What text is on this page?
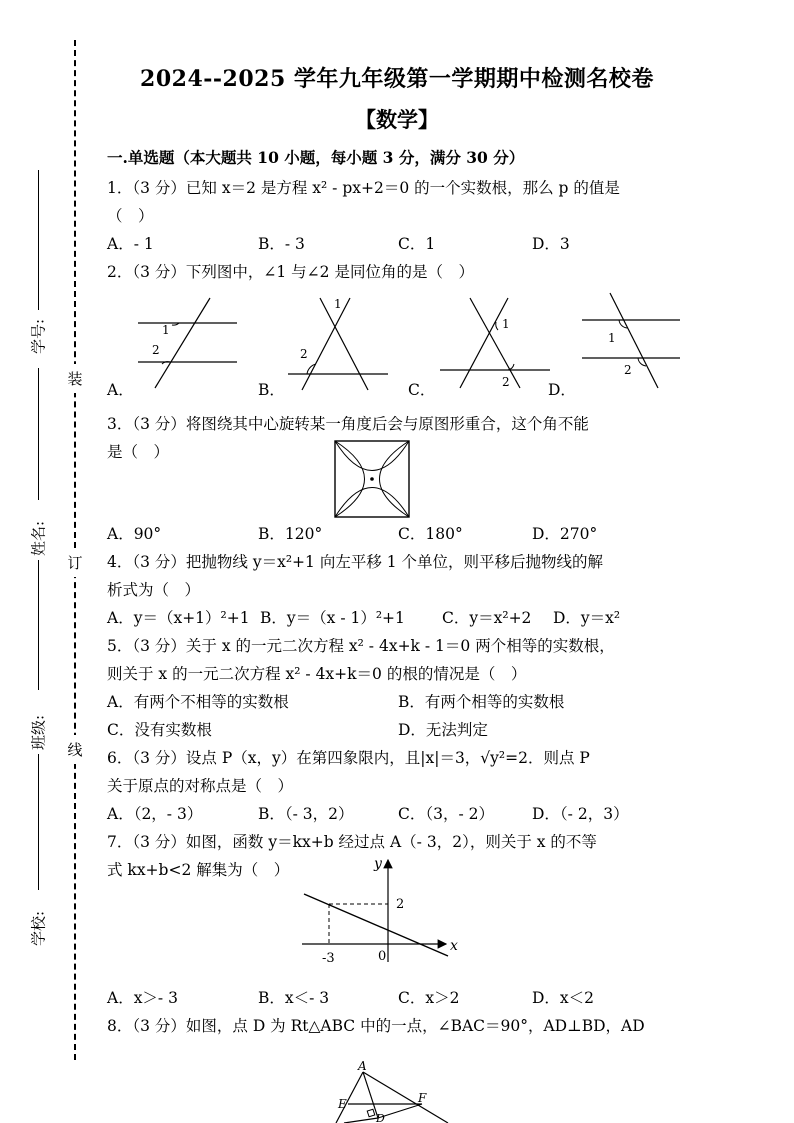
装
订
线
学号:
姓名:
班级:
学校:
2024--2025 学年九年级第一学期期中检测名校卷
【数学】
一.单选题（本大题共 10 小题，每小题 3 分，满分 30 分）
1．（3 分）已知 x＝2 是方程 x² - px+2＝0 的一个实数根，那么 p 的值是
（　）
A．- 1	B．- 3	C．1	D．3
2．（3 分）下列图中，∠1 与∠2 是同位角的是（　）
1
2
1
2
1
2
1
2
A．	B．	C．	D．
3．（3 分）将图绕其中心旋转某一角度后会与原图形重合，这个角不能
是（　）
A．90°	B．120°	C．180°	D．270°
4．（3 分）把抛物线 y＝x²+1 向左平移 1 个单位，则平移后抛物线的解
析式为（　）
A．y＝（x+1）²+1 B．y＝（x - 1）²+1 C．y＝x²+2 D．y＝x²
5．（3 分）关于 x 的一元二次方程 x² - 4x+k - 1＝0 两个相等的实数根，
则关于 x 的一元二次方程 x² - 4x+k＝0 的根的情况是（　）
A．有两个不相等的实数根	B．有两个相等的实数根
C．没有实数根	D．无法判定
6．（3 分）设点 P（x，y）在第四象限内，且|x|＝3，√y²=2．则点 P
关于原点的对称点是（　）
A．（2，- 3）	B．（- 3，2）	C．（3，- 2） D．（- 2，3）
7．（3 分）如图，函数 y＝kx+b 经过点 A（- 3，2），则关于 x 的不等
式 kx+b<2 解集为（　）	y
x
2
-3	0
A．x＞- 3	B．x＜- 3	C．x＞2	D．x＜2
8．（3 分）如图，点 D 为 Rt△ABC 中的一点，∠BAC＝90°，AD⊥BD，AD
A
E	F
D
